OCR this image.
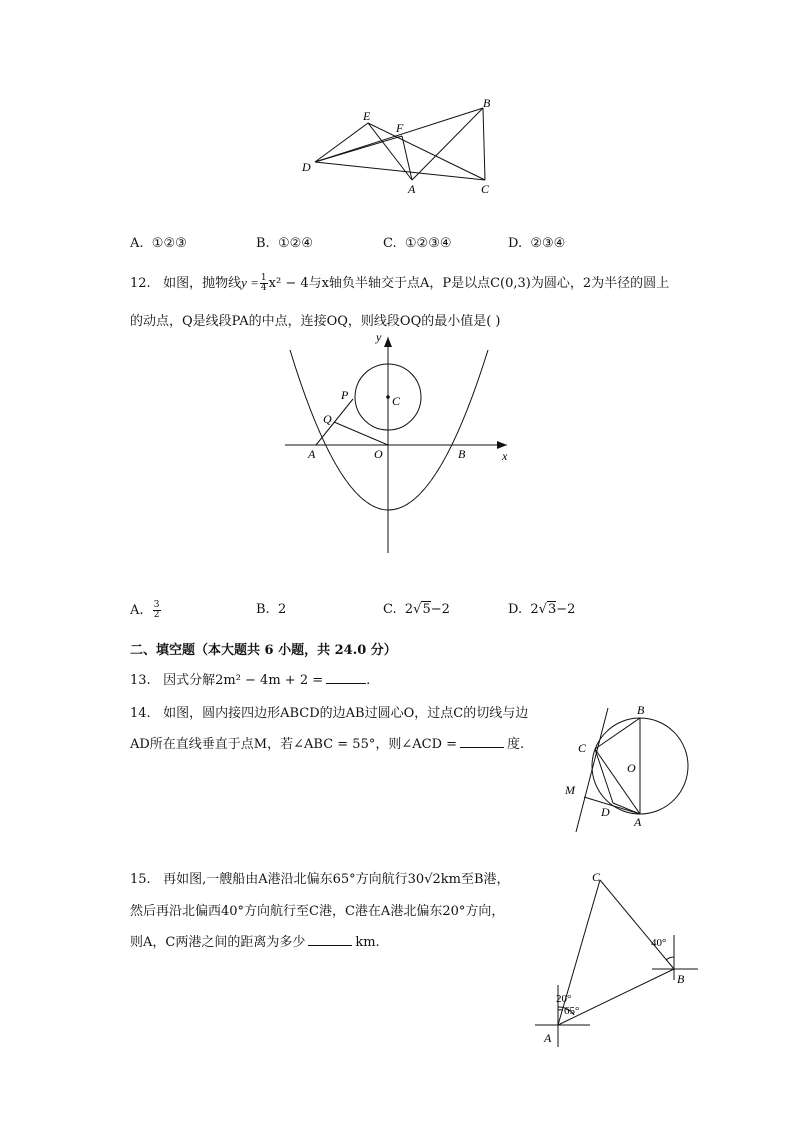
E
F
B
D
A	C
A. ①②③	B. ①②④	C. ①②③④	D. ②③④
12. 如图，抛物线$y = \frac{1}{4} x^2 - 4$与x轴负半轴交于点A，P是以点C(0,3)为圆心，2为半径的圆上
的动点，Q是线段PA的中点，连接OQ，则线段OQ的最小值是( )
y
x
P	C
Q
A	O	B
A. $\frac{3}{2}$	B. 2	C. 2√5−2	D. 2√3−2
二、填空题（本大题共 6 小题，共 24.0 分）
13. 因式分解2m² − 4m + 2 =	.
14. 如图，圆内接四边形ABCD的边AB过圆心O，过点C的切线与边
AD所在直线垂直于点M，若∠ABC = 55°，则∠ACD =	度.
B
C
O
M
D
A
15. 再如图,一艘船由A港沿北偏东65°方向航行30√2km至B港，
然后再沿北偏西40°方向航行至C港，C港在A港北偏东20°方向，
则A，C两港之间的距离为多少	km.
C
B
A
40°
20°
65°
